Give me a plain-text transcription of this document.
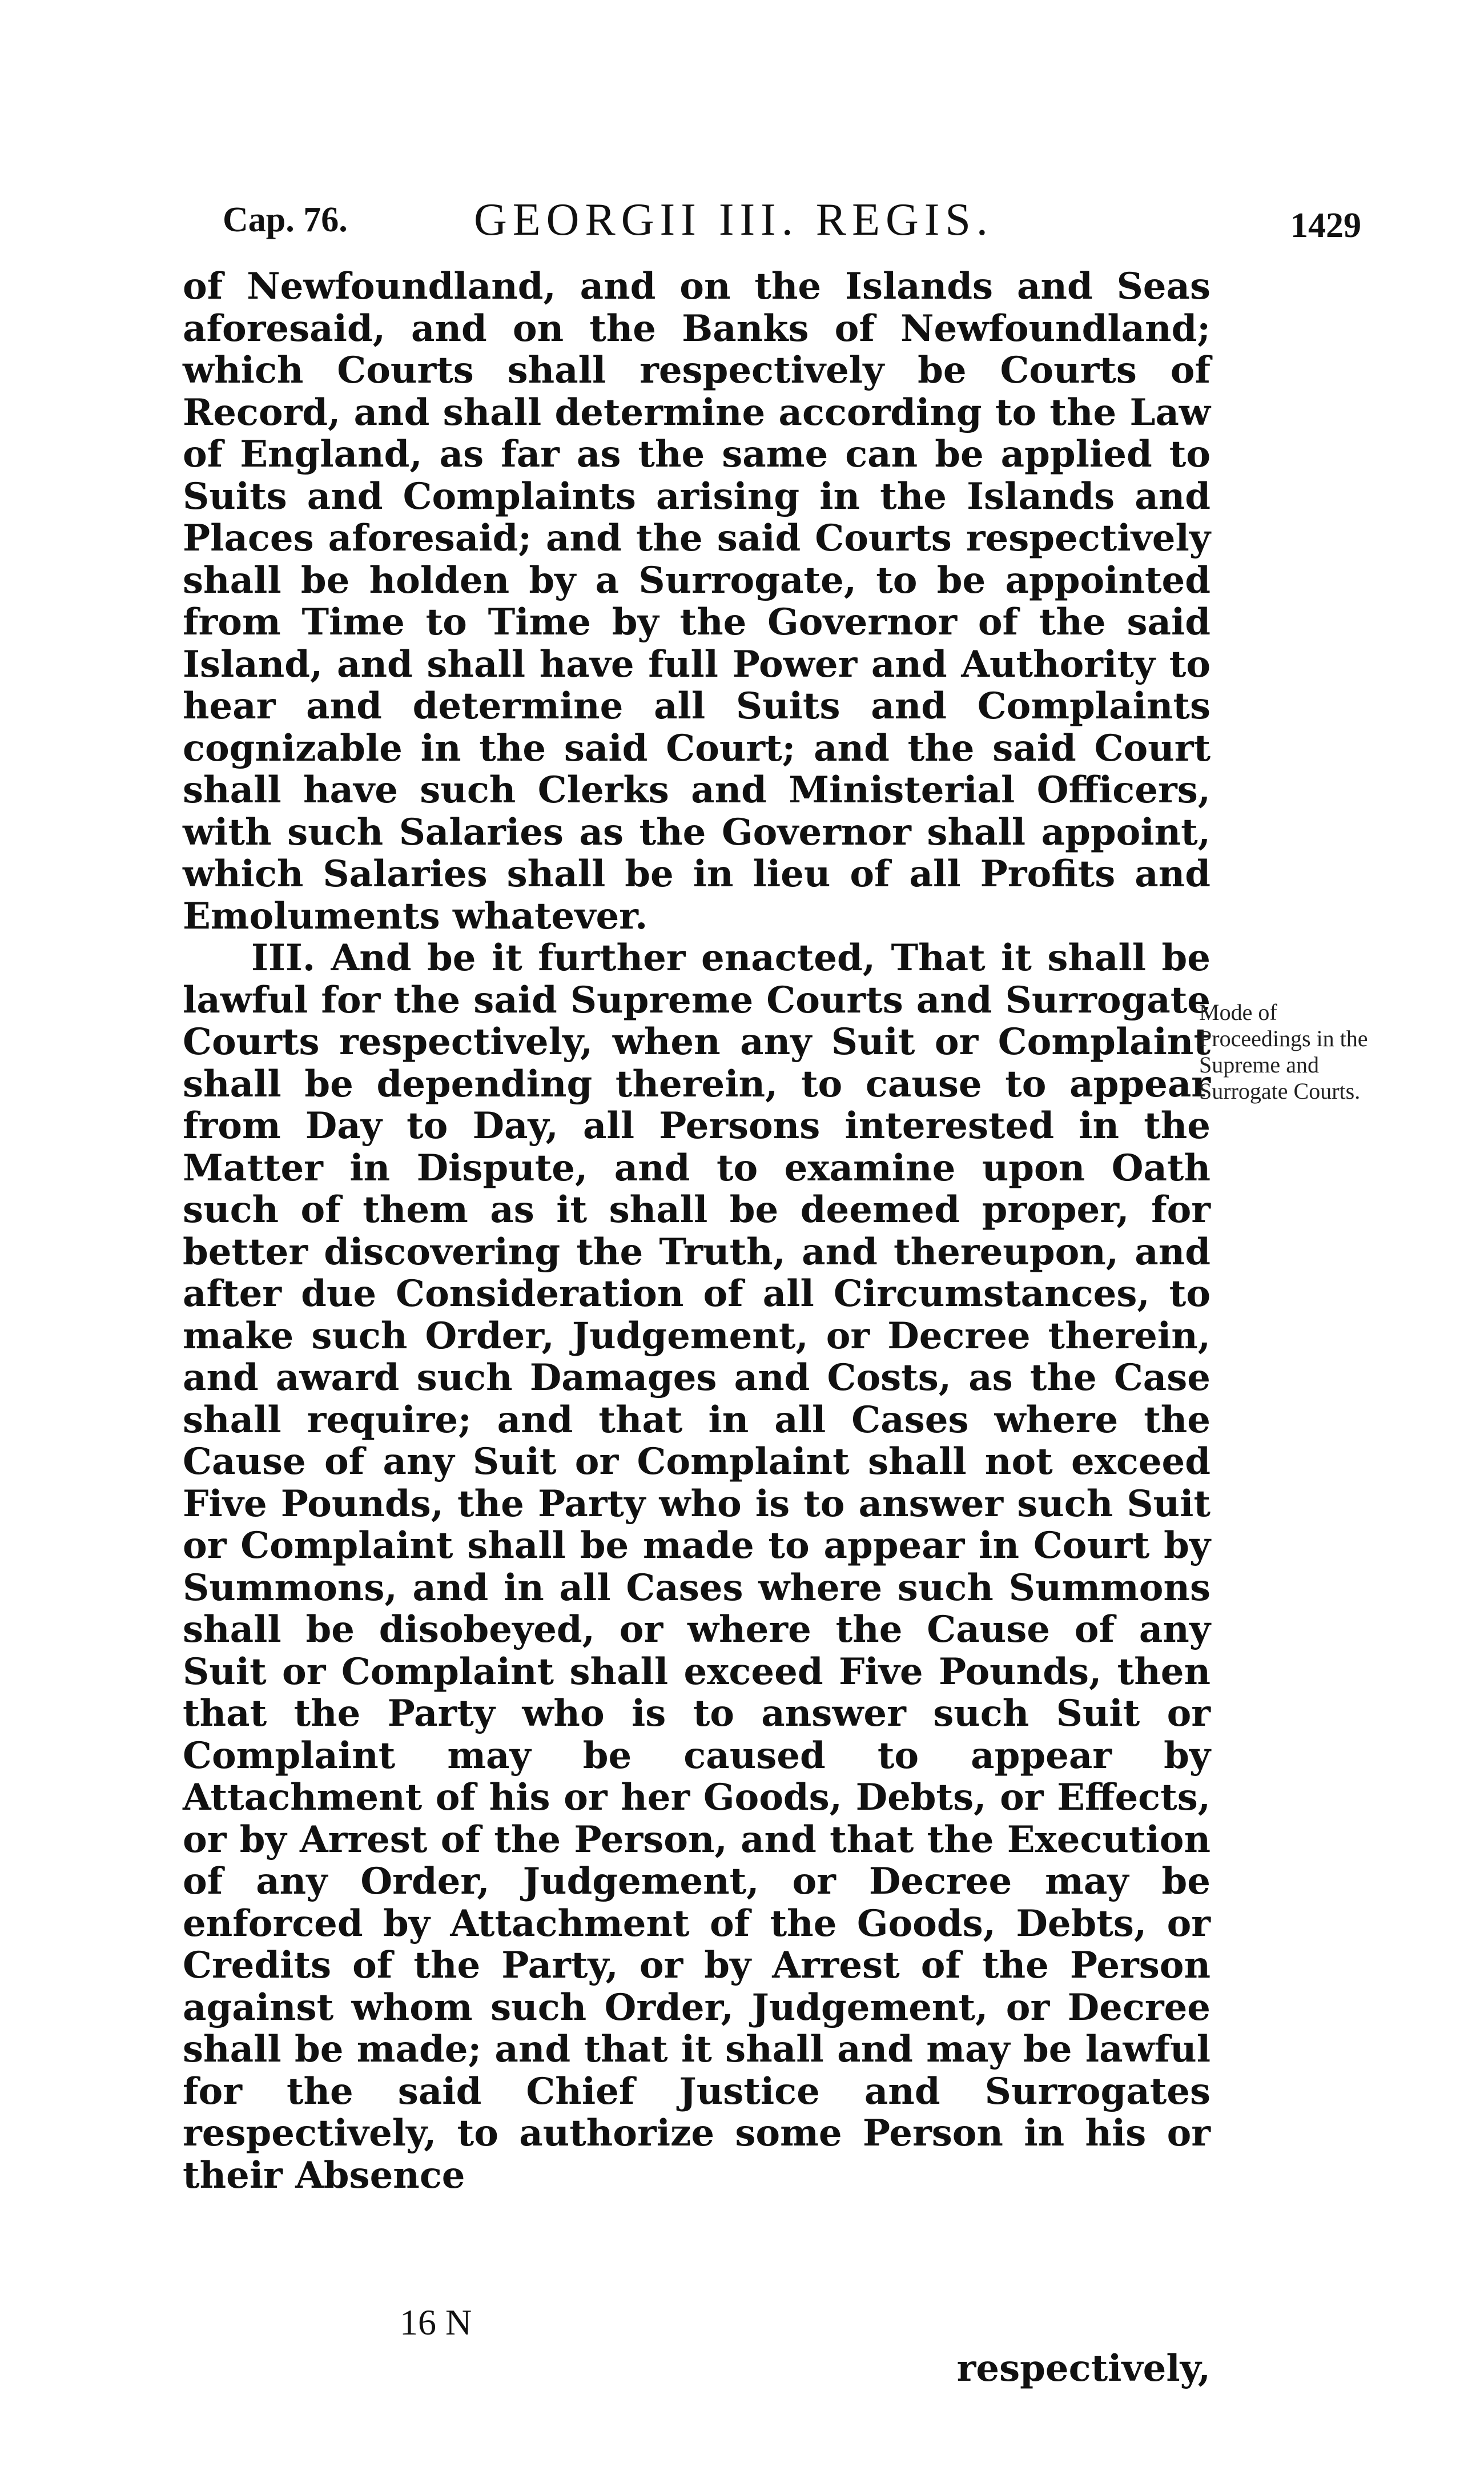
Cap. 76.	GEORGII III. REGIS.	1429

of Newfoundland, and on the Islands and Seas aforesaid, and on the Banks of Newfoundland; which Courts shall respectively be Courts of Record, and shall determine according to the Law of England, as far as the same can be applied to Suits and Complaints arising in the Islands and Places aforesaid; and the said Courts respectively shall be holden by a Surrogate, to be appointed from Time to Time by the Governor of the said Island, and shall have full Power and Authority to hear and determine all Suits and Complaints cognizable in the said Court; and the said Court shall have such Clerks and Ministerial Officers, with such Salaries as the Governor shall appoint, which Salaries shall be in lieu of all Profits and Emoluments whatever.

III. And be it further enacted, That it shall be lawful for the said Supreme Courts and Surrogate Courts respectively, when any Suit or Complaint shall be depending therein, to cause to appear from Day to Day, all Persons interested in the Matter in Dispute, and to examine upon Oath such of them as it shall be deemed proper, for better discovering the Truth, and thereupon, and after due Consideration of all Circumstances, to make such Order, Judgement, or Decree therein, and award such Damages and Costs, as the Case shall require; and that in all Cases where the Cause of any Suit or Complaint shall not exceed Five Pounds, the Party who is to answer such Suit or Complaint shall be made to appear in Court by Summons, and in all Cases where such Summons shall be disobeyed, or where the Cause of any Suit or Complaint shall exceed Five Pounds, then that the Party who is to answer such Suit or Complaint may be caused to appear by Attachment of his or her Goods, Debts, or Effects, or by Arrest of the Person, and that the Execution of any Order, Judgement, or Decree may be enforced by Attachment of the Goods, Debts, or Credits of the Party, or by Arrest of the Person against whom such Order, Judgement, or Decree shall be made; and that it shall and may be lawful for the said Chief Justice and Surrogates respectively, to authorize some Person in his or their Absence

Mode of Proceedings in the Supreme and Surrogate Courts.
16 N
respectively,
